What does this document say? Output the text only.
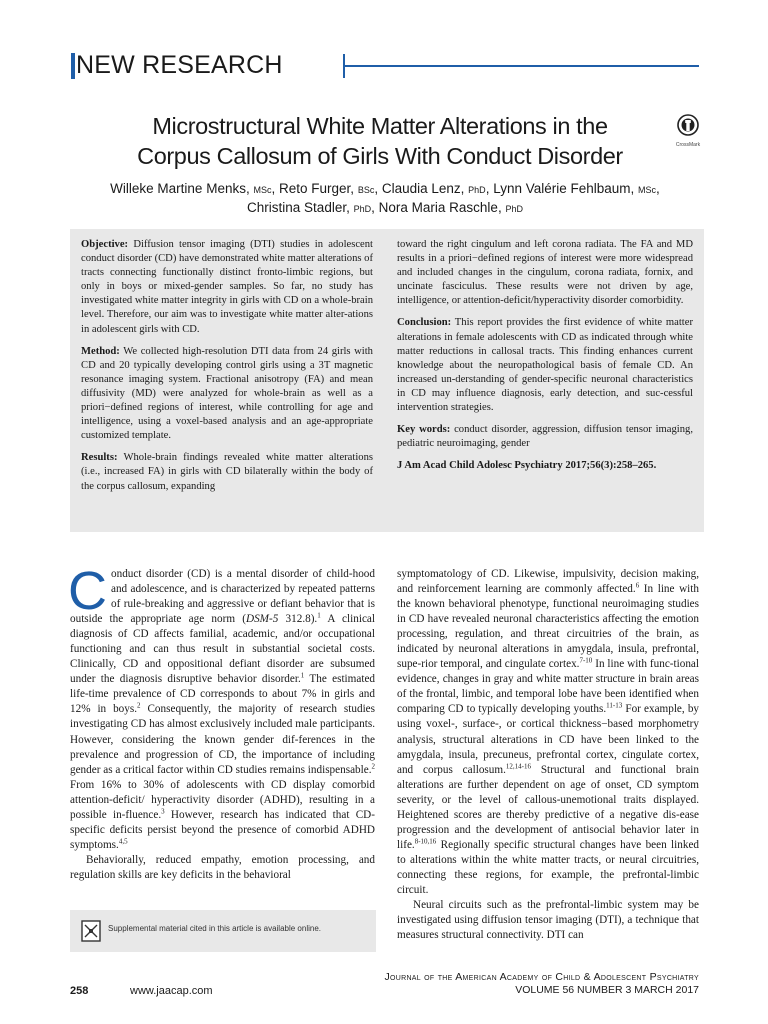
NEW RESEARCH
Microstructural White Matter Alterations in the
Corpus Callosum of Girls With Conduct Disorder	CrossMark
Willeke Martine Menks, MSc, Reto Furger, BSc, Claudia Lenz, PhD, Lynn Valérie Fehlbaum, MSc,
Christina Stadler, PhD, Nora Maria Raschle, PhD

Objective: Diffusion tensor imaging (DTI) studies in adolescent conduct disorder (CD) have demonstrated white matter alterations of tracts connecting functionally distinct fronto-limbic regions, but only in boys or mixed-gender samples. So far, no study has investigated white matter integrity in girls with CD on a whole-brain level. Therefore, our aim was to investigate white matter alter-ations in adolescent girls with CD.

Method: We collected high-resolution DTI data from 24 girls with CD and 20 typically developing control girls using a 3T magnetic resonance imaging system. Fractional anisotropy (FA) and mean diffusivity (MD) were analyzed for whole-brain as well as a priori−defined regions of interest, while controlling for age and intelligence, using a voxel-based analysis and an age-appropriate customized template.

Results: Whole-brain findings revealed white matter alterations (i.e., increased FA) in girls with CD bilaterally within the body of the corpus callosum, expanding

toward the right cingulum and left corona radiata. The FA and MD results in a priori−defined regions of interest were more widespread and included changes in the cingulum, corona radiata, fornix, and uncinate fasciculus. These results were not driven by age, intelligence, or attention-deficit/hyperactivity disorder comorbidity.

Conclusion: This report provides the first evidence of white matter alterations in female adolescents with CD as indicated through white matter reductions in callosal tracts. This finding enhances current knowledge about the neuropathological basis of female CD. An increased un-derstanding of gender-specific neuronal characteristics in CD may influence diagnosis, early detection, and suc-cessful intervention strategies.

Key words: conduct disorder, aggression, diffusion tensor imaging, pediatric neuroimaging, gender

J Am Acad Child Adolesc Psychiatry 2017;56(3):258–265.

Conduct disorder (CD) is a mental disorder of child-hood and adolescence, and is characterized by repeated patterns of rule-breaking and aggressive or defiant behavior that is outside the appropriate age norm (DSM-5 312.8).$^1$ A clinical diagnosis of CD affects familial, academic, and/or occupational functioning and can thus result in substantial societal costs. Clinically, CD and oppositional defiant disorder are subsumed under the diagnosis disruptive behavior disorder.$^1$ The estimated life-time prevalence of CD corresponds to about 7% in girls and 12% in boys.$^2$ Consequently, the majority of research studies investigating CD has almost exclusively included male participants. However, considering the known gender dif-ferences in the prevalence and progression of CD, the importance of including gender as a critical factor within CD studies remains indispensable.$^2$ From 16% to 30% of adolescents with CD display comorbid attention-deficit/ hyperactivity disorder (ADHD), resulting in a possible in-fluence.$^3$ However, research has indicated that CD-specific deficits persist beyond the presence of comorbid ADHD symptoms.$^{4,5}$

Behaviorally, reduced empathy, emotion processing, and regulation skills are key deficits in the behavioral

symptomatology of CD. Likewise, impulsivity, decision making, and reinforcement learning are commonly affected.$^6$ In line with the known behavioral phenotype, functional neuroimaging studies in CD have revealed neuronal characteristics affecting the emotion processing, regulation, and threat circuitries of the brain, as indicated by neuronal alterations in amygdala, insula, prefrontal, supe-rior temporal, and cingulate cortex.$^{7-10}$ In line with func-tional evidence, changes in gray and white matter structure in brain areas of the frontal, limbic, and temporal lobe have been identified when comparing CD to typically developing youths.$^{11-13}$ For example, by using voxel-, surface-, or cortical thickness−based morphometry analysis, structural alterations in CD have been linked to the amygdala, insula, precuneus, prefrontal cortex, cingulate cortex, and corpus callosum.$^{12,14-16}$ Structural and functional brain alterations are further dependent on age of onset, CD symptom severity, or the level of callous-unemotional traits displayed. Heightened scores are thereby predictive of a negative dis-ease progression and the development of antisocial behavior later in life.$^{8-10,16}$ Regionally specific structural changes have been linked to alterations within the white matter tracts, or neural circuitries, connecting these regions, for example, the prefrontal-limbic circuit.

Neural circuits such as the prefrontal-limbic system may be investigated using diffusion tensor imaging (DTI), a technique that measures structural connectivity. DTI can

Supplemental material cited in this article is available online.
Journal of the American Academy of Child & Adolescent Psychiatry
VOLUME 56 NUMBER 3 MARCH 2017
258	www.jaacap.com
